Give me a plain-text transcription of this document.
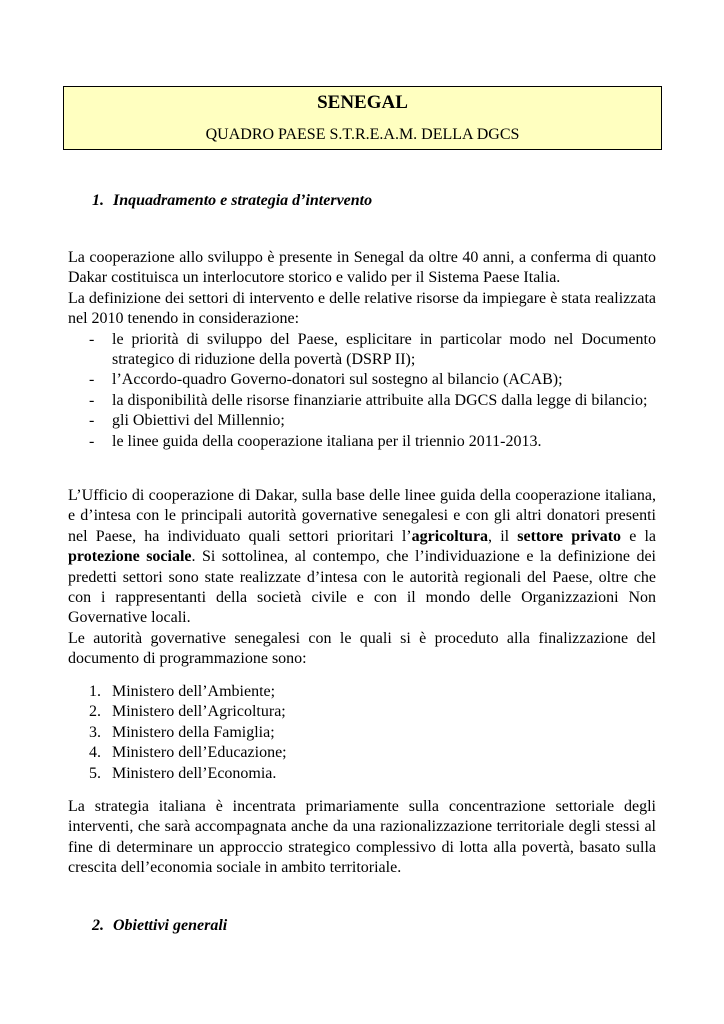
SENEGAL
QUADRO PAESE S.T.R.E.A.M. DELLA DGCS
1. Inquadramento e strategia d’intervento

La cooperazione allo sviluppo è presente in Senegal da oltre 40 anni, a conferma di quanto Dakar costituisca un interlocutore storico e valido per il Sistema Paese Italia.

La definizione dei settori di intervento e delle relative risorse da impiegare è stata realizzata nel 2010 tenendo in considerazione:

- le priorità di sviluppo del Paese, esplicitare in particolar modo nel Documento strategico di riduzione della povertà (DSRP II);
- l’Accordo-quadro Governo-donatori sul sostegno al bilancio (ACAB);
- la disponibilità delle risorse finanziarie attribuite alla DGCS dalla legge di bilancio;
- gli Obiettivi del Millennio;
- le linee guida della cooperazione italiana per il triennio 2011-2013.

L’Ufficio di cooperazione di Dakar, sulla base delle linee guida della cooperazione italiana, e d’intesa con le principali autorità governative senegalesi e con gli altri donatori presenti nel Paese, ha individuato quali settori prioritari l’agricoltura, il settore privato e la protezione sociale. Si sottolinea, al contempo, che l’individuazione e la definizione dei predetti settori sono state realizzate d’intesa con le autorità regionali del Paese, oltre che con i rappresentanti della società civile e con il mondo delle Organizzazioni Non Governative locali.

Le autorità governative senegalesi con le quali si è proceduto alla finalizzazione del documento di programmazione sono:

1. Ministero dell’Ambiente;
2. Ministero dell’Agricoltura;
3. Ministero della Famiglia;
4. Ministero dell’Educazione;
5. Ministero dell’Economia.

La strategia italiana è incentrata primariamente sulla concentrazione settoriale degli interventi, che sarà accompagnata anche da una razionalizzazione territoriale degli stessi al fine di determinare un approccio strategico complessivo di lotta alla povertà, basato sulla crescita dell’economia sociale in ambito territoriale.

2. Obiettivi generali
